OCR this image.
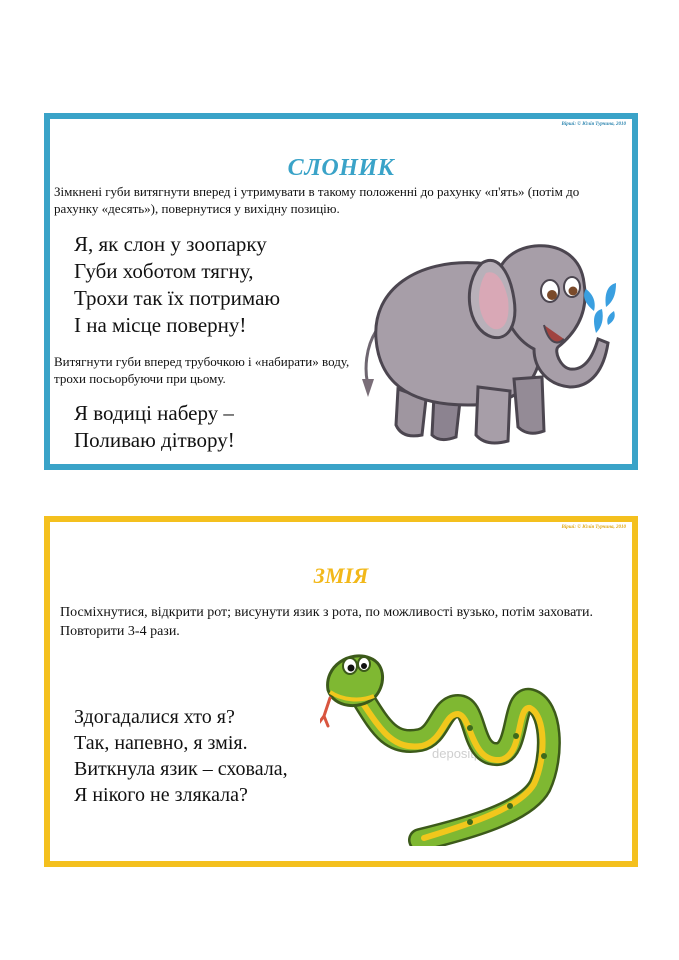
Вірші: © Юлія Турчина, 2010
СЛОНИК
Зімкнені губи витягнути вперед і утримувати в такому положенні до рахунку «п'ять» (потім до рахунку «десять»), повернутися у вихідну позицію.
Я, як слон у зоопарку
Губи хоботом тягну,
Трохи так їх потримаю
І на місце поверну!
Витягнути губи вперед трубочкою і «набирати» воду, трохи посьорбуючи при цьому.
Я водиці наберу –
Поливаю дітвору!
Вірші: © Юлія Турчина, 2010
ЗМІЯ
Посміхнутися, відкрити рот; висунути язик з рота, по можливості вузько, потім заховати. Повторити 3-4 рази.
Здогадалися хто я?
Так, напевно, я змія.
Виткнула язик – сховала,
Я нікого не злякала?
depositphotos
